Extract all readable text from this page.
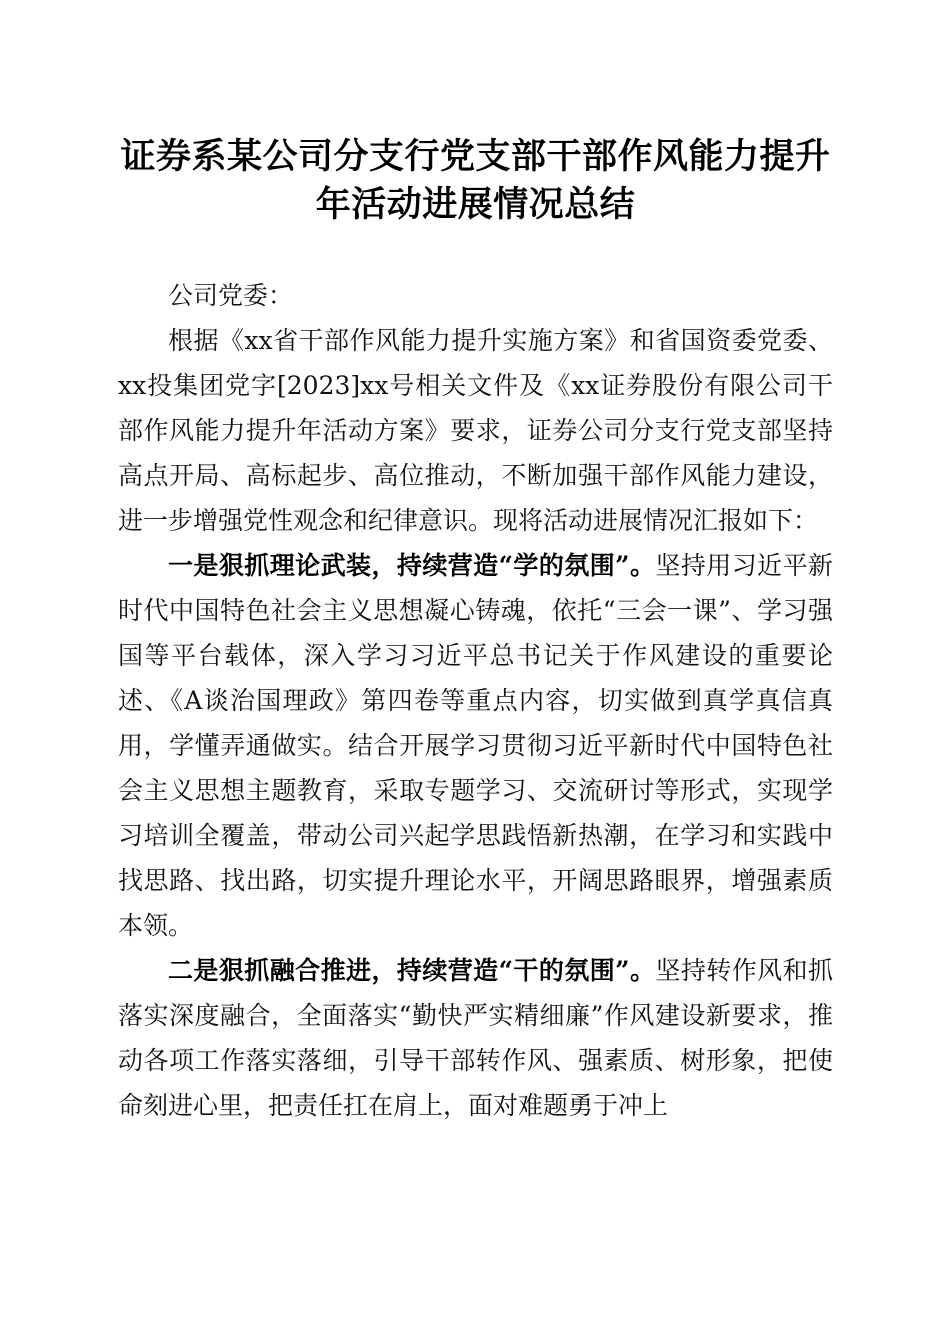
证券系某公司分支行党支部干部作风能力提升
年活动进展情况总结

公司党委：

根据《xx省干部作风能力提升实施方案》和省国资委党委、xx投集团党字[2023]xx号相关文件及《xx证券股份有限公司干部作风能力提升年活动方案》要求，证券公司分支行党支部坚持高点开局、高标起步、高位推动，不断加强干部作风能力建设，进一步增强党性观念和纪律意识。现将活动进展情况汇报如下：

一是狠抓理论武装，持续营造“学的氛围”。坚持用习近平新时代中国特色社会主义思想凝心铸魂，依托“三会一课”、学习强国等平台载体，深入学习习近平总书记关于作风建设的重要论述、《A谈治国理政》第四卷等重点内容，切实做到真学真信真用，学懂弄通做实。结合开展学习贯彻习近平新时代中国特色社会主义思想主题教育，采取专题学习、交流研讨等形式，实现学习培训全覆盖，带动公司兴起学思践悟新热潮，在学习和实践中找思路、找出路，切实提升理论水平，开阔思路眼界，增强素质本领。

二是狠抓融合推进，持续营造“干的氛围”。坚持转作风和抓落实深度融合，全面落实“勤快严实精细廉”作风建设新要求，推动各项工作落实落细，引导干部转作风、强素质、树形象，把使命刻进心里，把责任扛在肩上，面对难题勇于冲上
